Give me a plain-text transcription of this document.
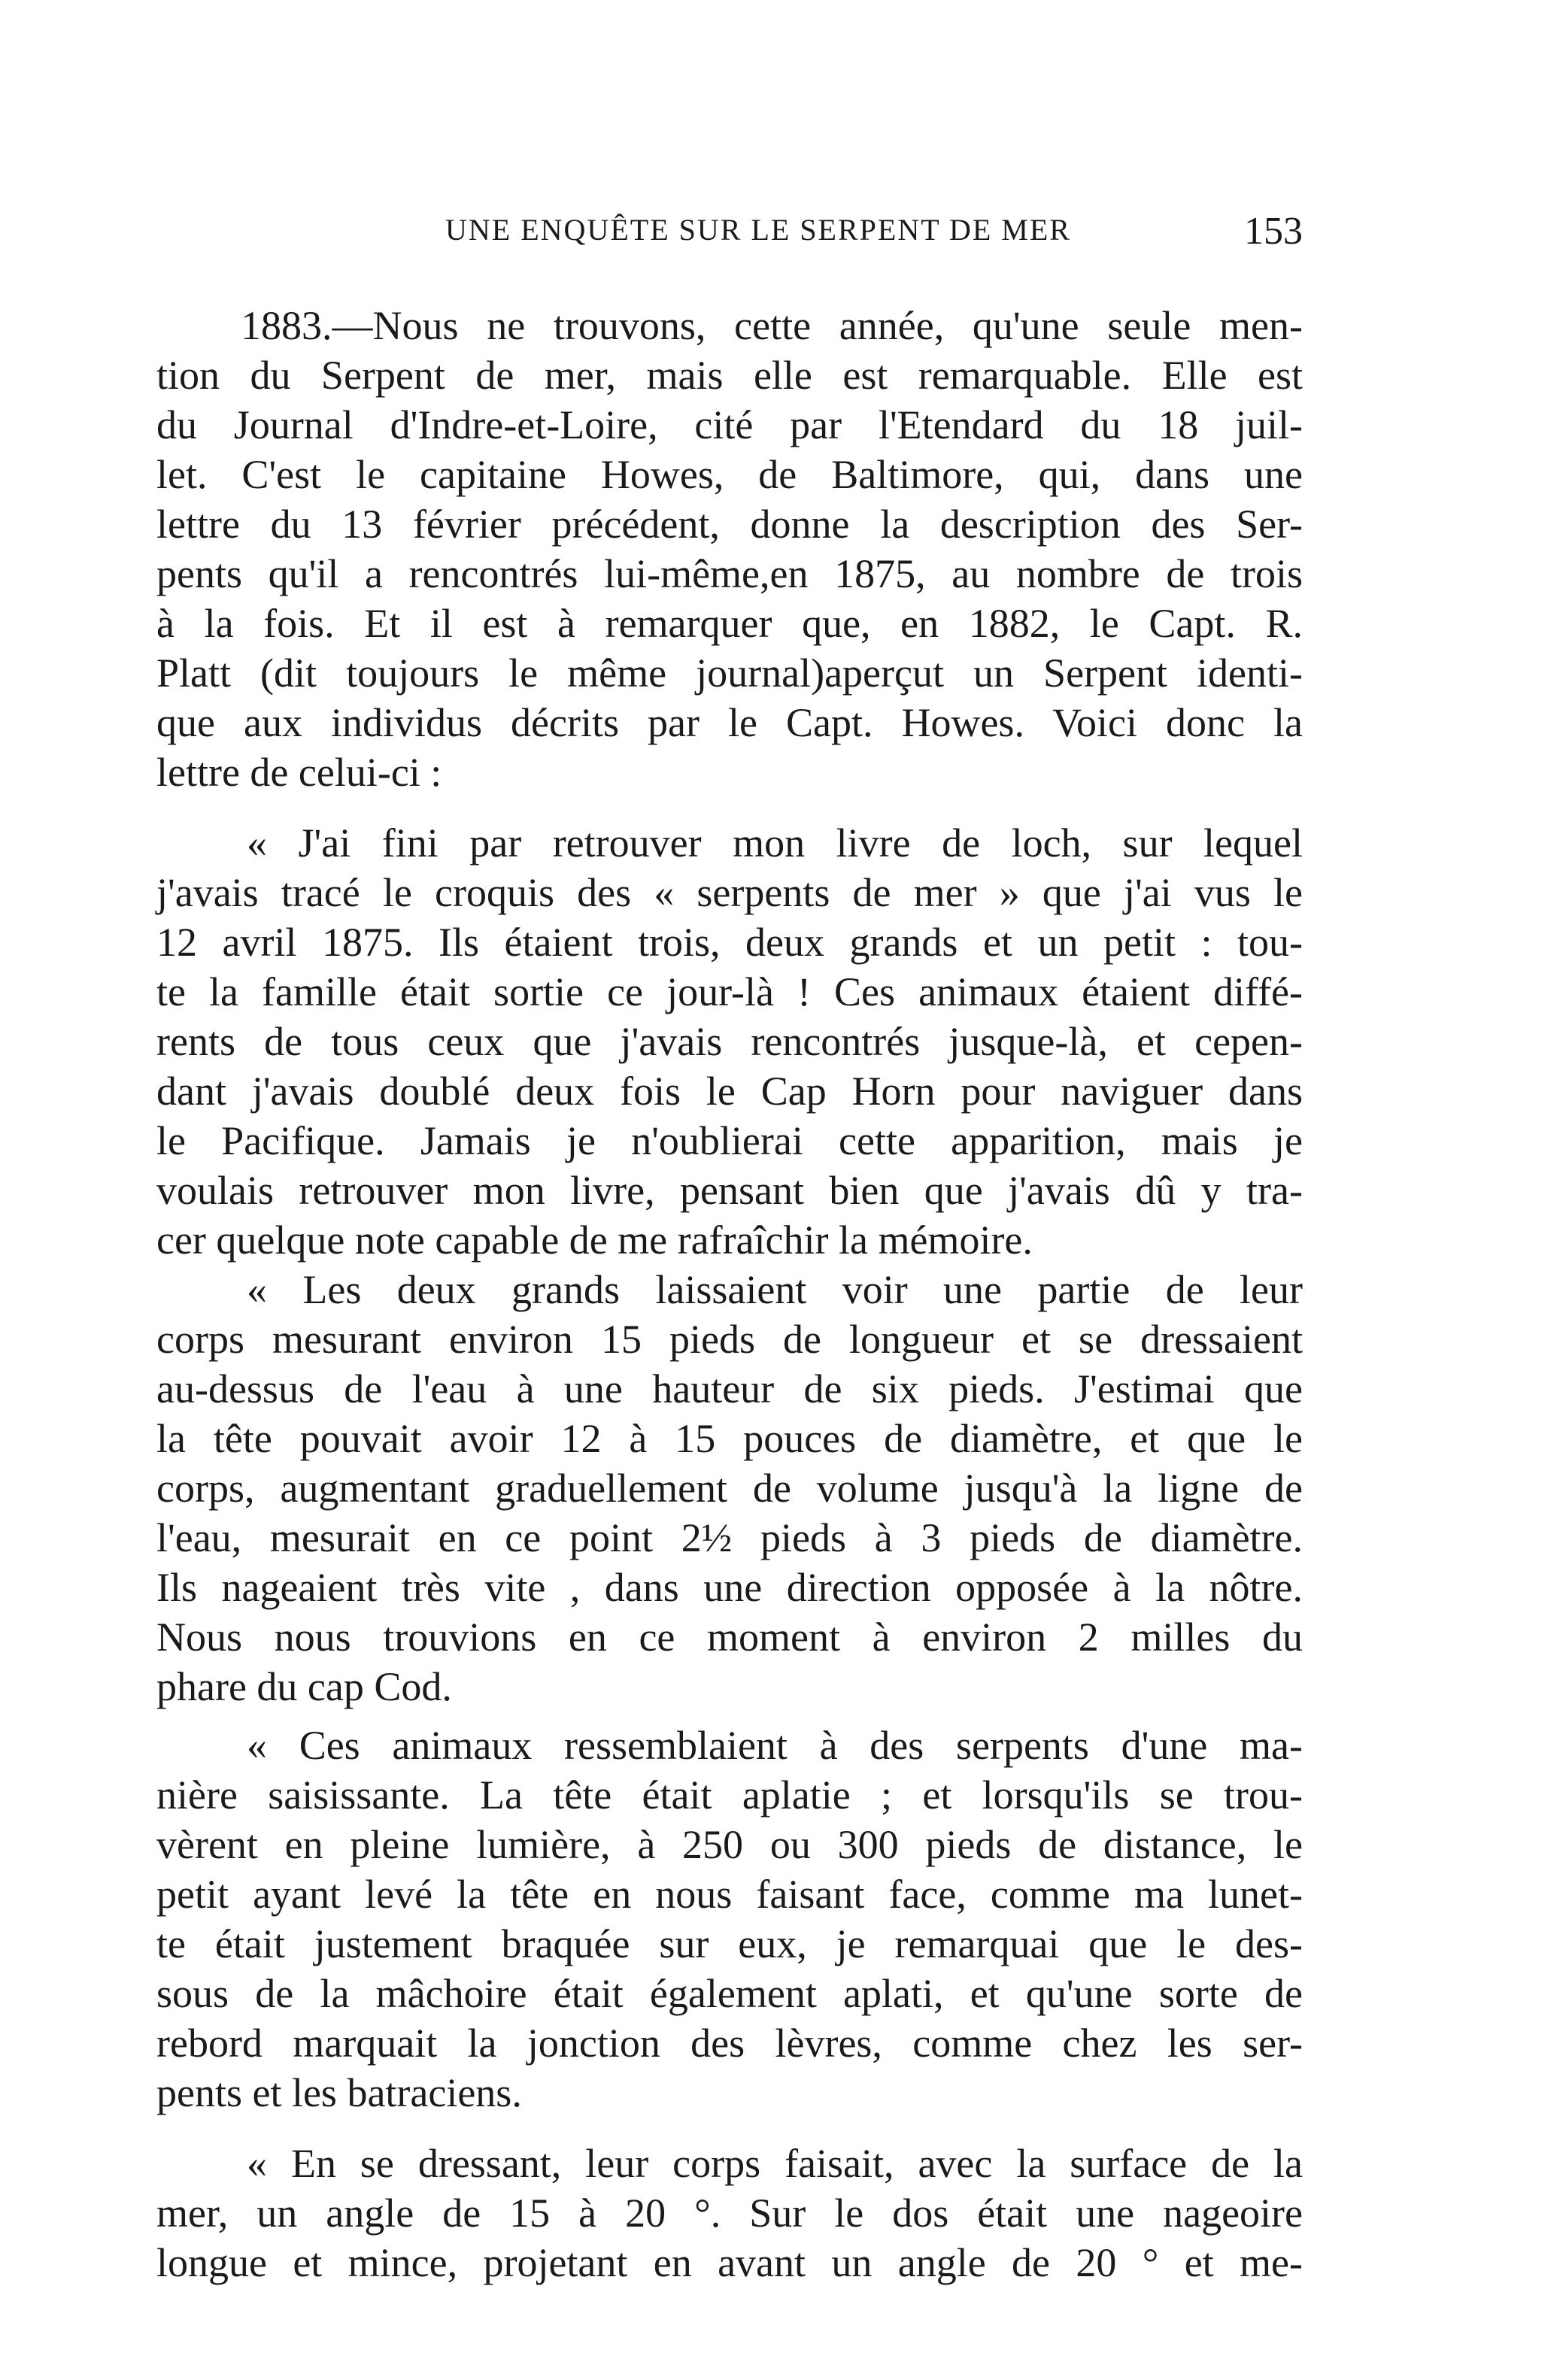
UNE ENQUÊTE SUR LE SERPENT DE MER	153
1883.—Nous ne trouvons, cette année, qu'une seule men-
tion du Serpent de mer, mais elle est remarquable. Elle est
du Journal d'Indre-et-Loire, cité par l'Etendard du 18 juil-
let. C'est le capitaine Howes, de Baltimore, qui, dans une
lettre du 13 février précédent, donne la description des Ser-
pents qu'il a rencontrés lui-même,en 1875, au nombre de trois
à la fois. Et il est à remarquer que, en 1882, le Capt. R.
Platt (dit toujours le même journal)aperçut un Serpent identi-
que aux individus décrits par le Capt. Howes. Voici donc la
lettre de celui-ci :
« J'ai fini par retrouver mon livre de loch, sur lequel
j'avais tracé le croquis des « serpents de mer » que j'ai vus le
12 avril 1875. Ils étaient trois, deux grands et un petit : tou-
te la famille était sortie ce jour-là ! Ces animaux étaient diffé-
rents de tous ceux que j'avais rencontrés jusque-là, et cepen-
dant j'avais doublé deux fois le Cap Horn pour naviguer dans
le Pacifique. Jamais je n'oublierai cette apparition, mais je
voulais retrouver mon livre, pensant bien que j'avais dû y tra-
cer quelque note capable de me rafraîchir la mémoire.
« Les deux grands laissaient voir une partie de leur
corps mesurant environ 15 pieds de longueur et se dressaient
au-dessus de l'eau à une hauteur de six pieds. J'estimai que
la tête pouvait avoir 12 à 15 pouces de diamètre, et que le
corps, augmentant graduellement de volume jusqu'à la ligne de
l'eau, mesurait en ce point 2½ pieds à 3 pieds de diamètre.
Ils nageaient très vite , dans une direction opposée à la nôtre.
Nous nous trouvions en ce moment à environ 2 milles du
phare du cap Cod.
« Ces animaux ressemblaient à des serpents d'une ma-
nière saisissante. La tête était aplatie ; et lorsqu'ils se trou-
vèrent en pleine lumière, à 250 ou 300 pieds de distance, le
petit ayant levé la tête en nous faisant face, comme ma lunet-
te était justement braquée sur eux, je remarquai que le des-
sous de la mâchoire était également aplati, et qu'une sorte de
rebord marquait la jonction des lèvres, comme chez les ser-
pents et les batraciens.
« En se dressant, leur corps faisait, avec la surface de la
mer, un angle de 15 à 20 °. Sur le dos était une nageoire
longue et mince, projetant en avant un angle de 20 ° et me-
